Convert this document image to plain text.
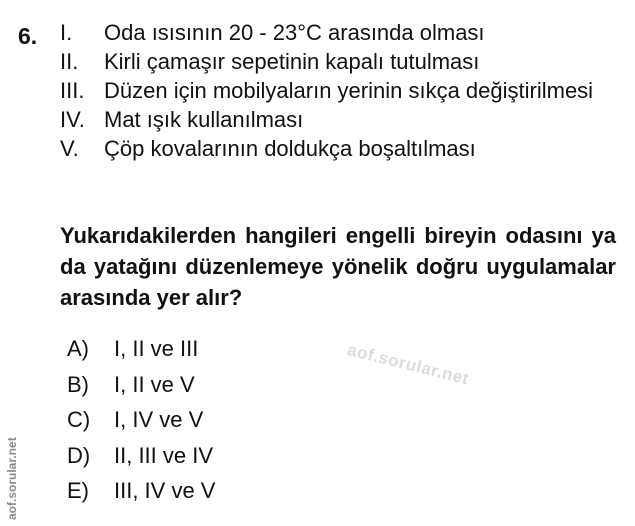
6. I.	Oda ısısının 20 - 23°C arasında olması
II.	Kirli çamaşır sepetinin kapalı tutulması
III. Düzen için mobilyaların yerinin sıkça değiştirilmesi
IV. Mat ışık kullanılması
V.	Çöp kovalarının doldukça boşaltılması
Yukarıdakilerden hangileri engelli bireyin odasını ya da yatağını düzenlemeye yönelik doğru uygulamalar arasında yer alır?
A)	I, II ve III
B)	I, II ve V
C)	I, IV ve V
D)	II, III ve IV
E)	III, IV ve V
aof.sorular.net
aof.sorular.net
